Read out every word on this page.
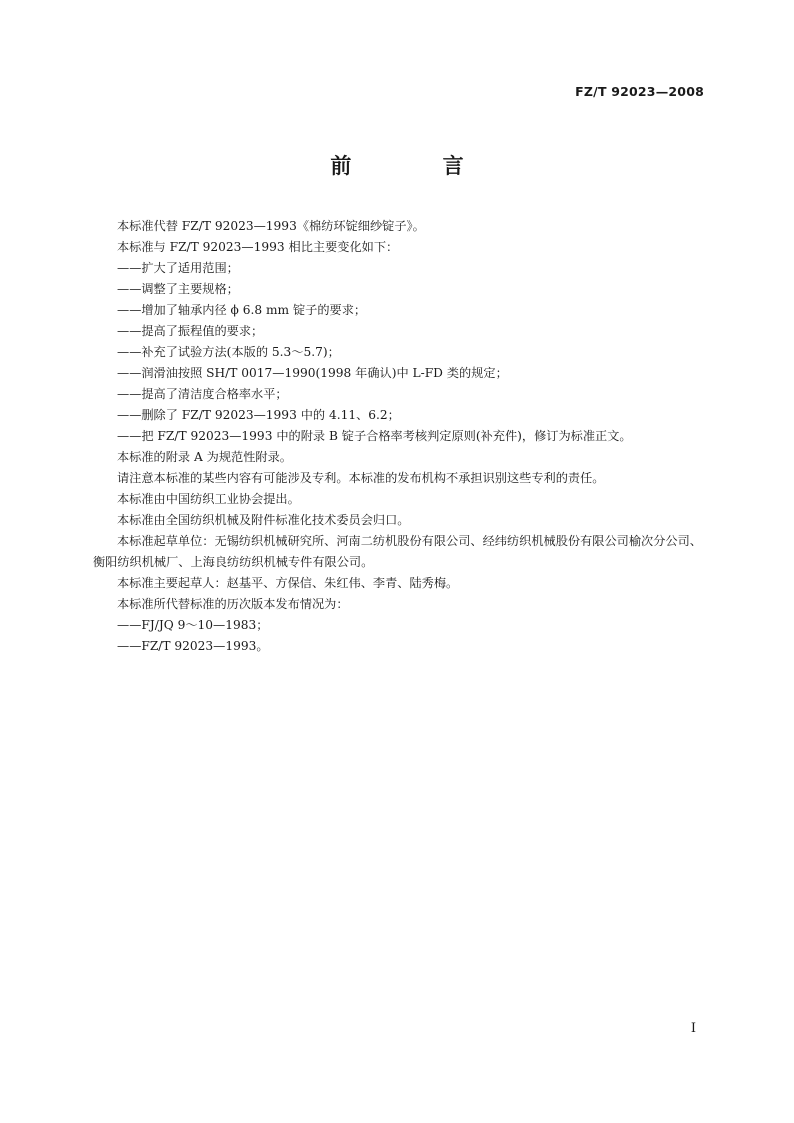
FZ/T 92023—2008
前 言

本标准代替 FZ/T 92023—1993《棉纺环锭细纱锭子》。

本标准与 FZ/T 92023—1993 相比主要变化如下：

——扩大了适用范围；

——调整了主要规格；

——增加了轴承内径 ϕ 6.8 mm 锭子的要求；

——提高了振程值的要求；

——补充了试验方法(本版的 5.3～5.7)；

——润滑油按照 SH/T 0017—1990(1998 年确认)中 L-FD 类的规定；

——提高了清洁度合格率水平；

——删除了 FZ/T 92023—1993 中的 4.11、6.2；

——把 FZ/T 92023—1993 中的附录 B 锭子合格率考核判定原则(补充件)，修订为标准正文。

本标准的附录 A 为规范性附录。

请注意本标准的某些内容有可能涉及专利。本标准的发布机构不承担识别这些专利的责任。

本标准由中国纺织工业协会提出。

本标准由全国纺织机械及附件标准化技术委员会归口。

本标准起草单位：无锡纺织机械研究所、河南二纺机股份有限公司、经纬纺织机械股份有限公司榆次分公司、衡阳纺织机械厂、上海良纺纺织机械专件有限公司。

本标准主要起草人：赵基平、方保信、朱红伟、李青、陆秀梅。

本标准所代替标准的历次版本发布情况为：

——FJ/JQ 9～10—1983；

——FZ/T 92023—1993。

I
